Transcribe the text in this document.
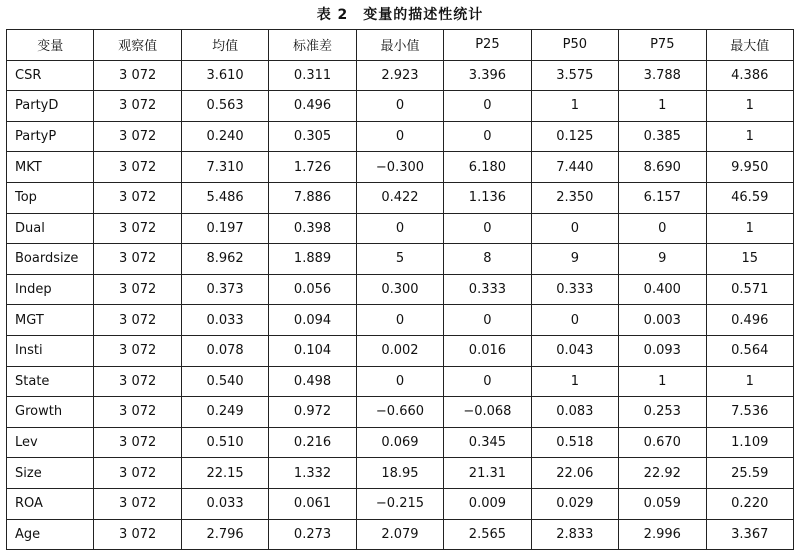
表 2　变量的描述性统计
变量	观察值	均值	标准差	最小值	P25	P50	P75	最大值
CSR	3 072	3.610	0.311	2.923	3.396	3.575	3.788	4.386
PartyD	3 072	0.563	0.496	0	0	1	1	1
PartyP	3 072	0.240	0.305	0	0	0.125	0.385	1
MKT	3 072	7.310	1.726	−0.300	6.180	7.440	8.690	9.950
Top	3 072	5.486	7.886	0.422	1.136	2.350	6.157	46.59
Dual	3 072	0.197	0.398	0	0	0	0	1
Boardsize	3 072	8.962	1.889	5	8	9	9	15
Indep	3 072	0.373	0.056	0.300	0.333	0.333	0.400	0.571
MGT	3 072	0.033	0.094	0	0	0	0.003	0.496
Insti	3 072	0.078	0.104	0.002	0.016	0.043	0.093	0.564
State	3 072	0.540	0.498	0	0	1	1	1
Growth	3 072	0.249	0.972	−0.660	−0.068	0.083	0.253	7.536
Lev	3 072	0.510	0.216	0.069	0.345	0.518	0.670	1.109
Size	3 072	22.15	1.332	18.95	21.31	22.06	22.92	25.59
ROA	3 072	0.033	0.061	−0.215	0.009	0.029	0.059	0.220
Age	3 072	2.796	0.273	2.079	2.565	2.833	2.996	3.367
